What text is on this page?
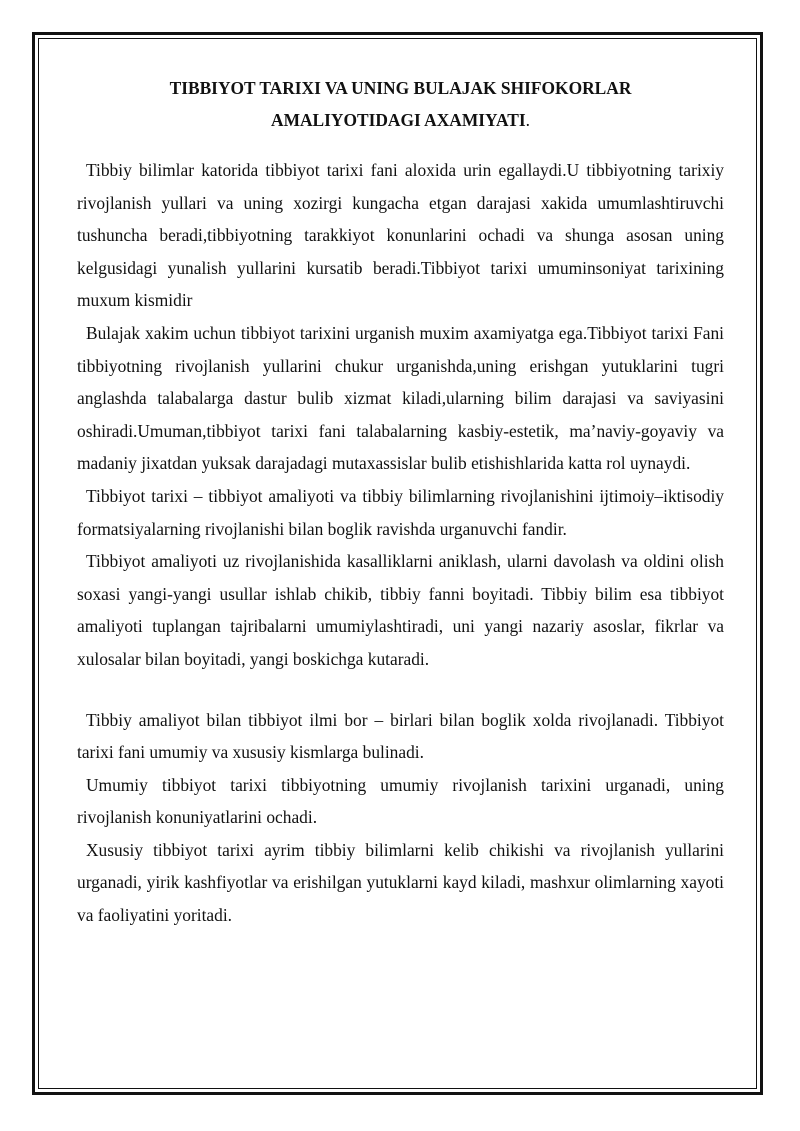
TIBBIYOT TARIXI VA UNING BULAJAK SHIFOKORLAR
AMALIYOTIDAGI AXAMIYATI.

Tibbiy bilimlar katorida tibbiyot tarixi fani aloxida urin egallaydi.U tibbiyotning tarixiy rivojlanish yullari va uning xozirgi kungacha etgan darajasi xakida umumlashtiruvchi tushuncha beradi,tibbiyotning tarakkiyot konunlarini ochadi va shunga asosan uning kelgusidagi yunalish yullarini kursatib beradi.Tibbiyot tarixi umuminsoniyat tarixining muxum kismidir

Bulajak xakim uchun tibbiyot tarixini urganish muxim axamiyatga ega.Tibbiyot tarixi Fani tibbiyotning rivojlanish yullarini chukur urganishda,uning erishgan yutuklarini tugri anglashda talabalarga dastur bulib xizmat kiladi,ularning bilim darajasi va saviyasini oshiradi.Umuman,tibbiyot tarixi fani talabalarning kasbiy-estetik, ma’naviy-goyaviy va madaniy jixatdan yuksak darajadagi mutaxassislar bulib etishishlarida katta rol uynaydi.

Tibbiyot tarixi – tibbiyot amaliyoti va tibbiy bilimlarning rivojlanishini ijtimoiy–iktisodiy formatsiyalarning rivojlanishi bilan boglik ravishda urganuvchi fandir.

Tibbiyot amaliyoti uz rivojlanishida kasalliklarni aniklash, ularni davolash va oldini olish soxasi yangi-yangi usullar ishlab chikib, tibbiy fanni boyitadi. Tibbiy bilim esa tibbiyot amaliyoti tuplangan tajribalarni umumiylashtiradi, uni yangi nazariy asoslar, fikrlar va xulosalar bilan boyitadi, yangi boskichga kutaradi.

Tibbiy amaliyot bilan tibbiyot ilmi bor – birlari bilan boglik xolda rivojlanadi. Tibbiyot tarixi fani umumiy va xususiy kismlarga bulinadi.

Umumiy tibbiyot tarixi tibbiyotning umumiy rivojlanish tarixini urganadi, uning rivojlanish konuniyatlarini ochadi.

Xususiy tibbiyot tarixi ayrim tibbiy bilimlarni kelib chikishi va rivojlanish yullarini urganadi, yirik kashfiyotlar va erishilgan yutuklarni kayd kiladi, mashxur olimlarning xayoti va faoliyatini yoritadi.
